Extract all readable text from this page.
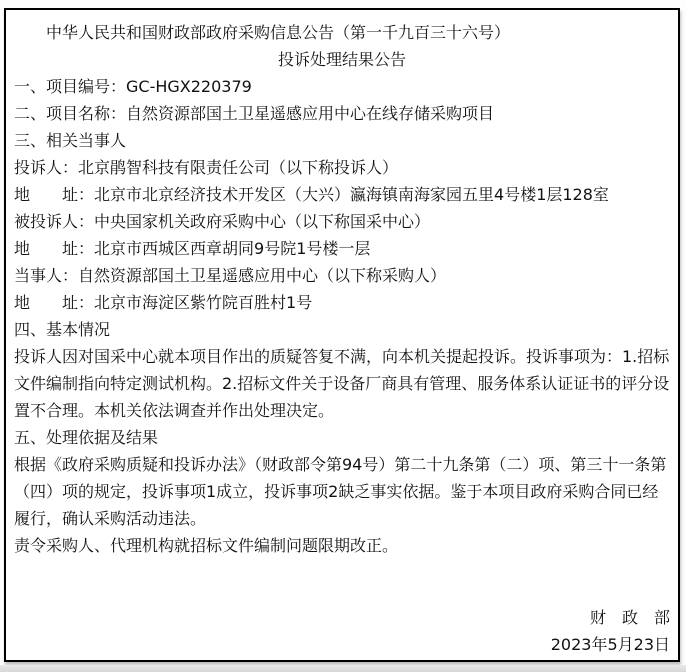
中华人民共和国财政部政府采购信息公告（第一千九百三十六号）

投诉处理结果公告

一、项目编号：GC-HGX220379

二、项目名称：自然资源部国土卫星遥感应用中心在线存储采购项目

三、相关当事人

投诉人：北京鹃智科技有限责任公司（以下称投诉人）

地　　址：北京市北京经济技术开发区（大兴）瀛海镇南海家园五里4号楼1层128室

被投诉人：中央国家机关政府采购中心（以下称国采中心）

地　　址：北京市西城区西章胡同9号院1号楼一层

当事人：自然资源部国土卫星遥感应用中心（以下称采购人）

地　　址：北京市海淀区紫竹院百胜村1号

四、基本情况

投诉人因对国采中心就本项目作出的质疑答复不满，向本机关提起投诉。投诉事项为：1.招标文件编制指向特定测试机构。2.招标文件关于设备厂商具有管理、服务体系认证证书的评分设置不合理。本机关依法调查并作出处理决定。

五、处理依据及结果

根据《政府采购质疑和投诉办法》（财政部令第94号）第二十九条第（二）项、第三十一条第（四）项的规定，投诉事项1成立，投诉事项2缺乏事实依据。鉴于本项目政府采购合同已经履行，确认采购活动违法。

责令采购人、代理机构就招标文件编制问题限期改正。

财　政　部

2023年5月23日
